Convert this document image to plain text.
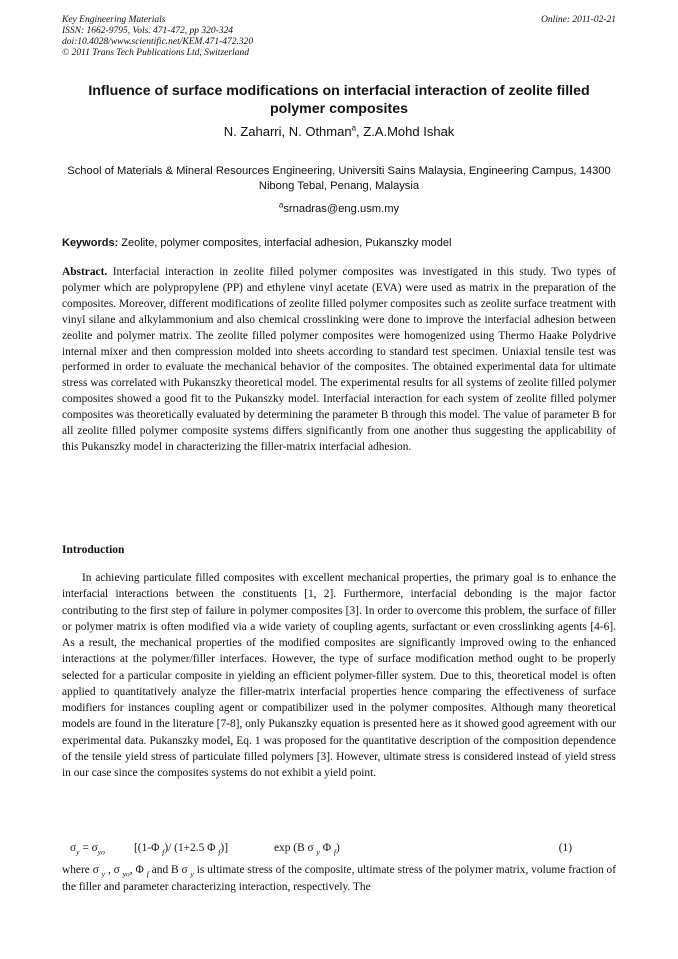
Key Engineering Materials
ISSN: 1662-9795, Vols. 471-472, pp 320-324
doi:10.4028/www.scientific.net/KEM.471-472.320
© 2011 Trans Tech Publications Ltd, Switzerland
Online: 2011-02-21
Influence of surface modifications on interfacial interaction of zeolite filled polymer composites
N. Zaharri, N. Othman$^a$, Z.A.Mohd Ishak
School of Materials & Mineral Resources Engineering, Universiti Sains Malaysia, Engineering Campus, 14300 Nibong Tebal, Penang, Malaysia
$^a$srnadras@eng.usm.my
Keywords: Zeolite, polymer composites, interfacial adhesion, Pukanszky model

Abstract. Interfacial interaction in zeolite filled polymer composites was investigated in this study. Two types of polymer which are polypropylene (PP) and ethylene vinyl acetate (EVA) were used as matrix in the preparation of the composites. Moreover, different modifications of zeolite filled polymer composites such as zeolite surface treatment with vinyl silane and alkylammonium and also chemical crosslinking were done to improve the interfacial adhesion between zeolite and polymer matrix. The zeolite filled polymer composites were homogenized using Thermo Haake Polydrive internal mixer and then compression molded into sheets according to standard test specimen. Uniaxial tensile test was performed in order to evaluate the mechanical behavior of the composites. The obtained experimental data for ultimate stress was correlated with Pukanszky theoretical model. The experimental results for all systems of zeolite filled polymer composites showed a good fit to the Pukanszky model. Interfacial interaction for each system of zeolite filled polymer composites was theoretically evaluated by determining the parameter B through this model. The value of parameter B for all zeolite filled polymer composite systems differs significantly from one another thus suggesting the applicability of this Pukanszky model in characterizing the filler-matrix interfacial adhesion.

Introduction

In achieving particulate filled composites with excellent mechanical properties, the primary goal is to enhance the interfacial interactions between the constituents [1, 2]. Furthermore, interfacial debonding is the major factor contributing to the first step of failure in polymer composites [3]. In order to overcome this problem, the surface of filler or polymer matrix is often modified via a wide variety of coupling agents, surfactant or even crosslinking agents [4-6]. As a result, the mechanical properties of the modified composites are significantly improved owing to the enhanced interactions at the polymer/filler interfaces. However, the type of surface modification method ought to be properly selected for a particular composite in yielding an efficient polymer-filler system. Due to this, theoretical model is often applied to quantitatively analyze the filler-matrix interfacial properties hence comparing the effectiveness of surface modifiers for instances coupling agent or compatibilizer used in the polymer composites. Although many theoretical models are found in the literature [7-8], only Pukanszky equation is presented here as it showed good agreement with our experimental data. Pukanszky model, Eq. 1 was proposed for the quantitative description of the composition dependence of the tensile yield stress of particulate filled polymers [3]. However, ultimate stress is considered instead of yield stress in our case since the composites systems do not exhibit a yield point.

$\sigma_y = \sigma_{yo}$	[(1-Φ $_f$)/ (1+2.5 Φ $_f$)]	exp (B σ $_y$ Φ $_f$)	(1)

where σ $_y$ , σ $_{yo}$, Φ $_f$ and B σ $_y$ is ultimate stress of the composite, ultimate stress of the polymer matrix, volume fraction of the filler and parameter characterizing interaction, respectively. The
